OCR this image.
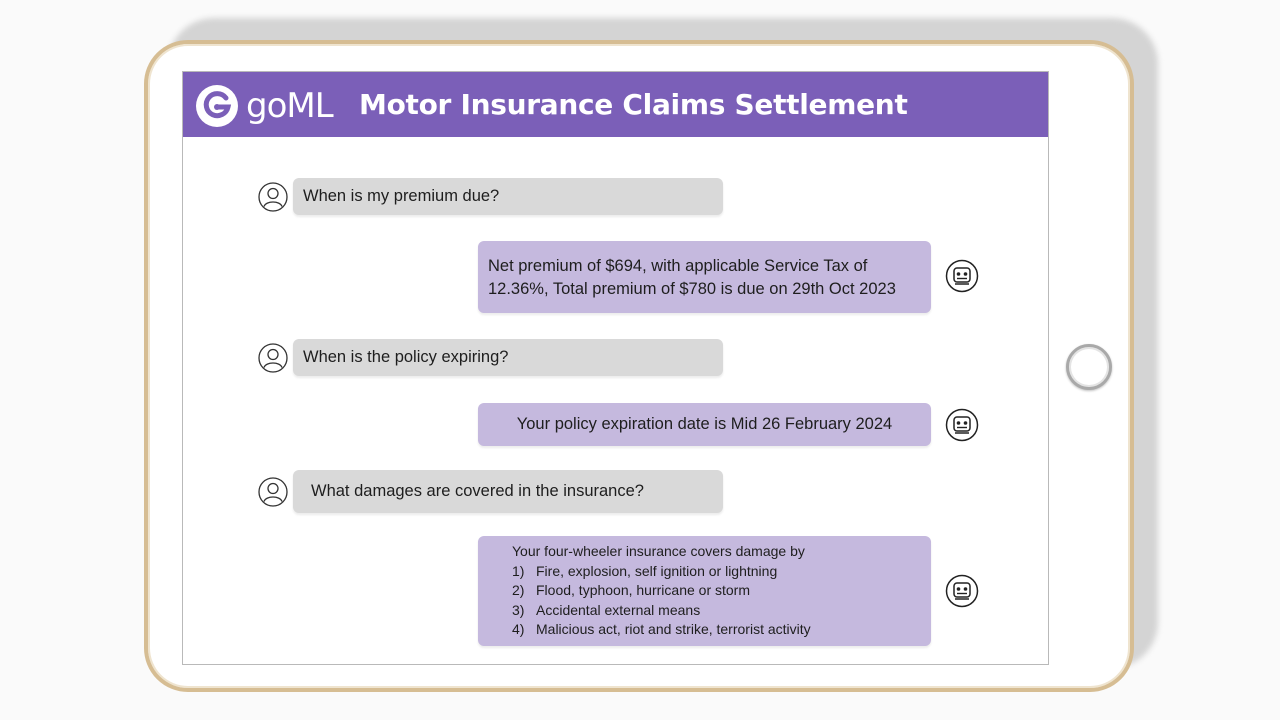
goML Motor Insurance Claims Settlement
When is my premium due?
Net premium of $694, with applicable Service Tax of 12.36%, Total premium of $780 is due on 29th Oct 2023
When is the policy expiring?
Your policy expiration date is Mid 26 February 2024
What damages are covered in the insurance?
Your four-wheeler insurance covers damage by
1) Fire, explosion, self ignition or lightning
2) Flood, typhoon, hurricane or storm
3) Accidental external means
4) Malicious act, riot and strike, terrorist activity
